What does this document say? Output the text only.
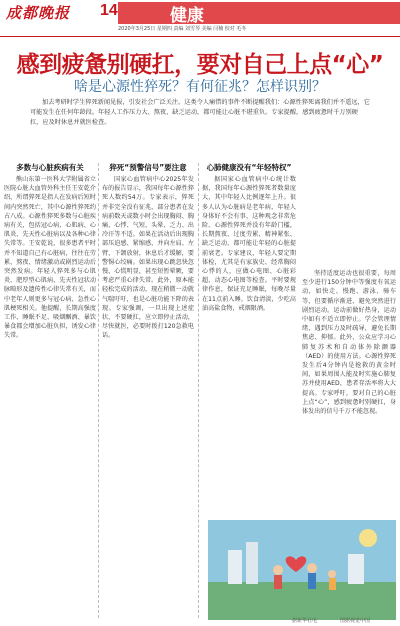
成都晚报 14	健康
2020年3月25日 星期四 责编 刘雪琴 美编 闫楠 校对 毛冬
感到疲惫别硬扛，要对自己上点“心”
啥是心源性猝死？有何征兆？怎样识别？
加去考研时学生猝死新闻见报，引发社会广泛关注。这类令人痛惜的事件不断提醒我们：心源性猝死离我们并不遥远，它可能发生在任何年龄段。年轻人工作压力大、熬夜、缺乏运动，都可能让心脏不堪重负。专家提醒，感到疲惫时千万别硬扛，应及时休息并就医检查。
多数与心脏疾病有关
熊山东第一医科大学附属省立医院心脏大血管外科主任王安乾介绍，所谓猝死是指人在发病后短时间内突然死亡，其中心源性猝死约占八成。心源性猝死多数与心脏疾病有关，包括冠心病、心肌病、心肌炎、先天性心脏病以及各种心律失常等。王安乾说，很多患者平时并不知道自己有心脏病，往往在劳累、熬夜、情绪激动或剧烈运动后突然发病。年轻人猝死多与心肌炎、肥厚型心肌病、先天性冠状动脉畸形及遗传性心律失常有关，而中老年人则更多与冠心病、急性心肌梗死相关。他提醒，长期高强度工作、睡眠不足、吸烟酗酒、暴饮暴食都会增加心脏负担，诱发心律失常。
猝死“预警信号”要注意
国家心血管病中心2025年发布的报告显示，我国每年心源性猝死人数约54万。专家表示，猝死并非完全没有征兆，部分患者在发病前数天或数小时会出现胸闷、胸痛、心悸、气短、头晕、乏力、出冷汗等不适。如果在活动后出现胸部压迫感、紧缩感，并向左肩、左臂、下颌放射，休息后才缓解，要警惕心绞痛。如果出现心跳忽快忽慢、心慌明显，甚至短暂晕厥，要考虑严重心律失常。此外，原本能轻松完成的活动，现在稍微一动就气喘吁吁，也是心脏功能下降的表现。专家强调，一旦出现上述症状，不要硬扛，应立即停止活动，尽快就医，必要时拨打120急救电话。
心肺健康没有“年轻特权”
据国家心血管病中心统计数据，我国每年心源性猝死者数量庞大，其中年轻人比例逐年上升。很多人认为心脏病是老年病，年轻人身体好不会有事，这种观念非常危险。心源性猝死并没有年龄门槛，长期熬夜、过度劳累、精神紧张、缺乏运动，都可能让年轻的心脏提前衰老。专家建议，年轻人要定期体检，尤其是有家族史、经常胸闷心悸的人，应做心电图、心脏彩超、动态心电图等检查。平时要规律作息，保证充足睡眠，每晚尽量在11点前入睡。饮食清淡，少吃高油高盐食物，戒烟限酒。
坚持适度运动也很重要，每周至少进行150分钟中等强度有氧运动，如快走、慢跑、游泳、骑车等，但要循序渐进，避免突然进行剧烈运动。运动前做好热身，运动中如有不适立即停止。学会管理情绪，遇到压力及时疏导，避免长期焦虑、抑郁。此外，公众应学习心肺复苏术和自动体外除颤器（AED）的使用方法。心源性猝死发生后4分钟内是抢救的黄金时间，如果周围人能及时实施心肺复苏并使用AED，患者存活率将大大提高。专家呼吁，要对自己的心脏上点“心”，感到疲惫时别硬扛，身体发出的信号千万不能忽视。
据新华社电	图据视觉中国
